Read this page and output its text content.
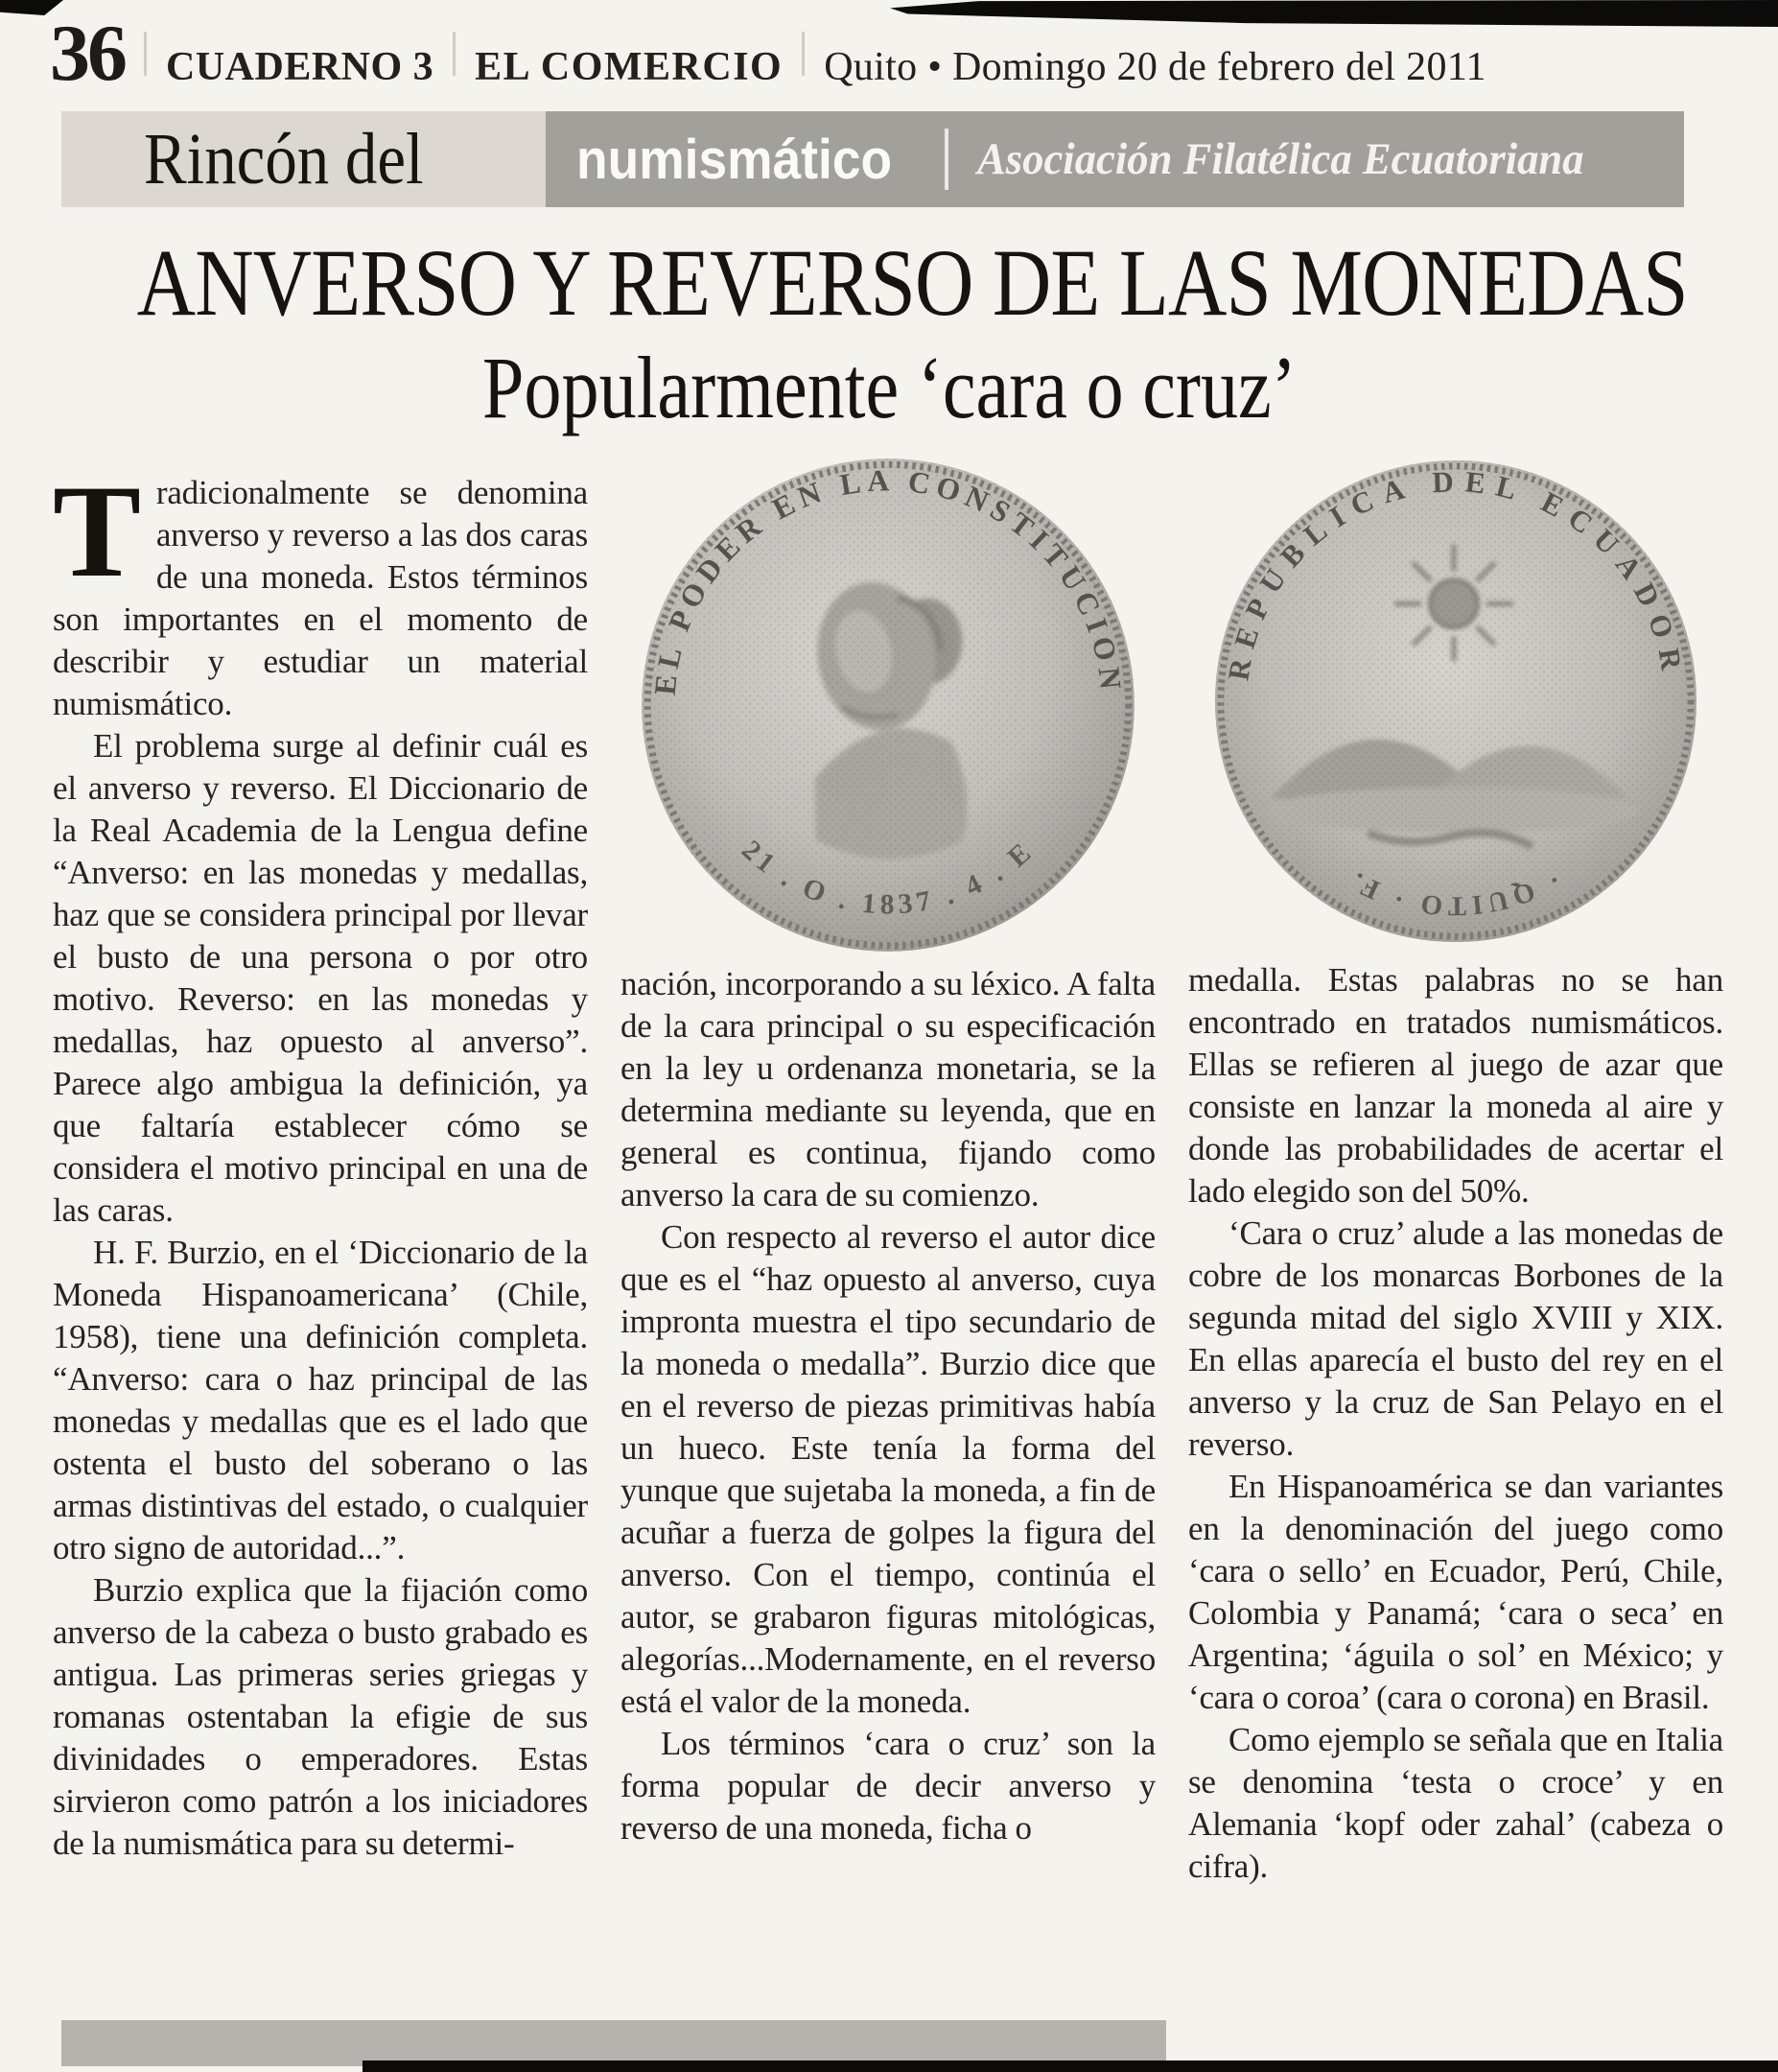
36 CUADERNO 3 EL COMERCIO Quito • Domingo 20 de febrero del 2011
Rincón del	numismático Asociación Filatélica Ecuatoriana
ANVERSO Y REVERSO DE LAS MONEDAS
Popularmente ‘cara o cruz’

Tradicionalmente se denomina anverso y reverso a las dos caras de una moneda. Estos términos son importantes en el momento de describir y estudiar un material numismático.

El problema surge al definir cuál es el anverso y reverso. El Diccionario de la Real Academia de la Lengua define “Anverso: en las monedas y medallas, haz que se considera principal por llevar el busto de una persona o por otro motivo. Reverso: en las monedas y medallas, haz opuesto al anverso”. Parece algo ambigua la definición, ya que faltaría establecer cómo se considera el motivo principal en una de las caras.

H. F. Burzio, en el ‘Diccionario de la Moneda Hispanoamericana’ (Chile, 1958), tiene una definición completa. “Anverso: cara o haz principal de las monedas y medallas que es el lado que ostenta el busto del soberano o las armas distintivas del estado, o cualquier otro signo de autoridad...”.

Burzio explica que la fijación como anverso de la cabeza o busto grabado es antigua. Las primeras series griegas y romanas ostentaban la efigie de sus divinidades o emperadores. Estas sirvieron como patrón a los iniciadores de la numismática para su determi-

nación, incorporando a su léxico. A falta de la cara principal o su especificación en la ley u ordenanza monetaria, se la determina mediante su leyenda, que en general es continua, fijando como anverso la cara de su comienzo.

Con respecto al reverso el autor dice que es el “haz opuesto al anverso, cuya impronta muestra el tipo secundario de la moneda o medalla”. Burzio dice que en el reverso de piezas primitivas había un hueco. Este tenía la forma del yunque que sujetaba la moneda, a fin de acuñar a fuerza de golpes la figura del anverso. Con el tiempo, continúa el autor, se grabaron figuras mitológicas, alegorías...Modernamente, en el reverso está el valor de la moneda.

Los términos ‘cara o cruz’ son la forma popular de decir anverso y reverso de una moneda, ficha o

medalla. Estas palabras no se han encontrado en tratados numismáticos. Ellas se refieren al juego de azar que consiste en lanzar la moneda al aire y donde las probabilidades de acertar el lado elegido son del 50%.

‘Cara o cruz’ alude a las monedas de cobre de los monarcas Borbones de la segunda mitad del siglo XVIII y XIX. En ellas aparecía el busto del rey en el anverso y la cruz de San Pelayo en el reverso.

En Hispanoamérica se dan variantes en la denominación del juego como ‘cara o sello’ en Ecuador, Perú, Chile, Colombia y Panamá; ‘cara o seca’ en Argentina; ‘águila o sol’ en México; y ‘cara o coroa’ (cara o corona) en Brasil.

Como ejemplo se señala que en Italia se denomina ‘testa o croce’ y en Alemania ‘kopf oder zahal’ (cabeza o cifra).
